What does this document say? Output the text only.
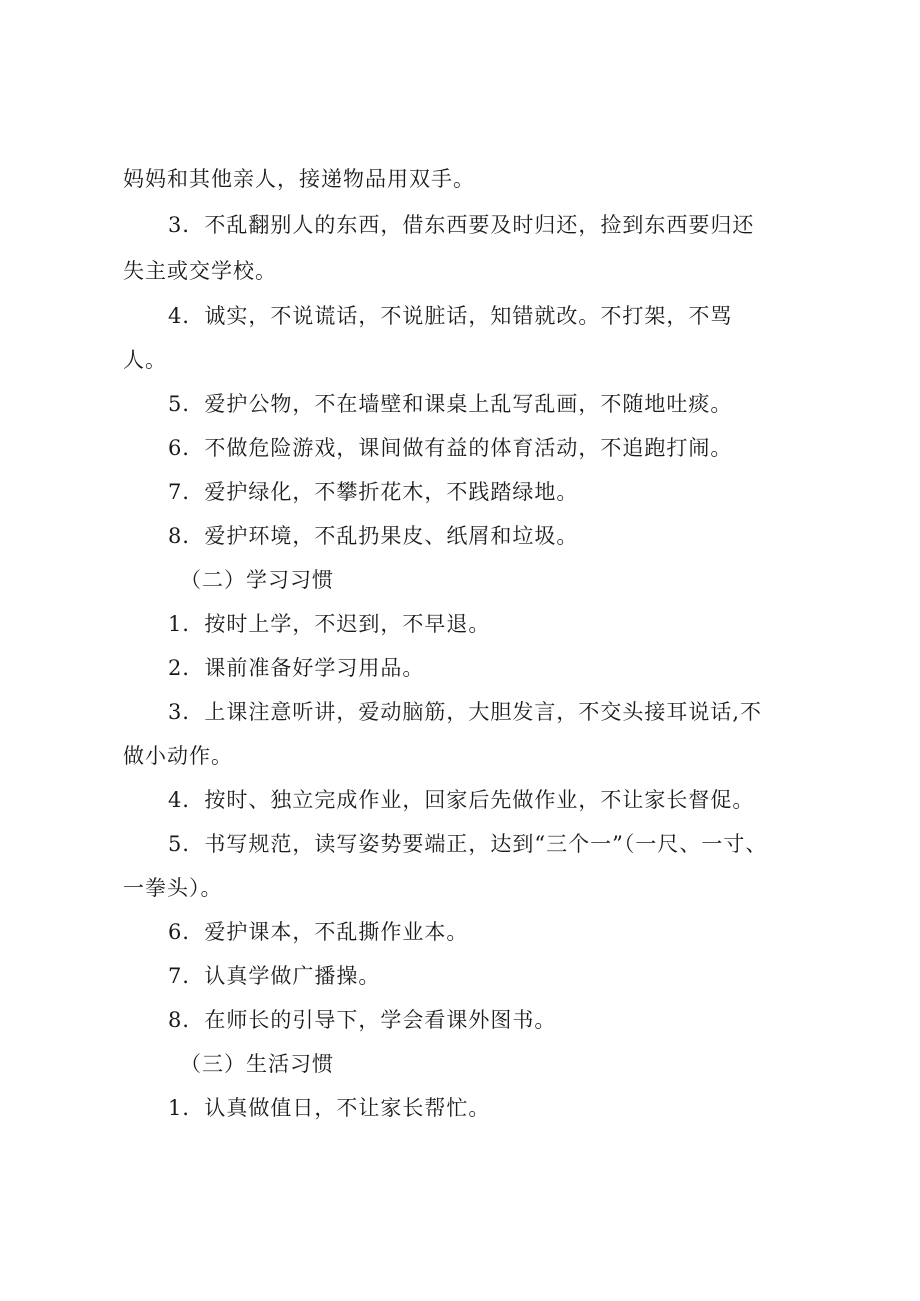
妈妈和其他亲人，接递物品用双手。
3．不乱翻别人的东西，借东西要及时归还，捡到东西要归还
失主或交学校。
4．诚实，不说谎话，不说脏话，知错就改。不打架，不骂
人。
5．爱护公物，不在墙壁和课桌上乱写乱画，不随地吐痰。
6．不做危险游戏，课间做有益的体育活动，不追跑打闹。
7．爱护绿化，不攀折花木，不践踏绿地。
8．爱护环境，不乱扔果皮、纸屑和垃圾。
（二）学习习惯
1．按时上学，不迟到，不早退。
2．课前准备好学习用品。
3．上课注意听讲，爱动脑筋，大胆发言，不交头接耳说话,不
做小动作。
4．按时、独立完成作业，回家后先做作业，不让家长督促。
5．书写规范，读写姿势要端正，达到“三个一”（一尺、一寸、
一拳头）。
6．爱护课本，不乱撕作业本。
7．认真学做广播操。
8．在师长的引导下，学会看课外图书。
（三）生活习惯
1．认真做值日，不让家长帮忙。
